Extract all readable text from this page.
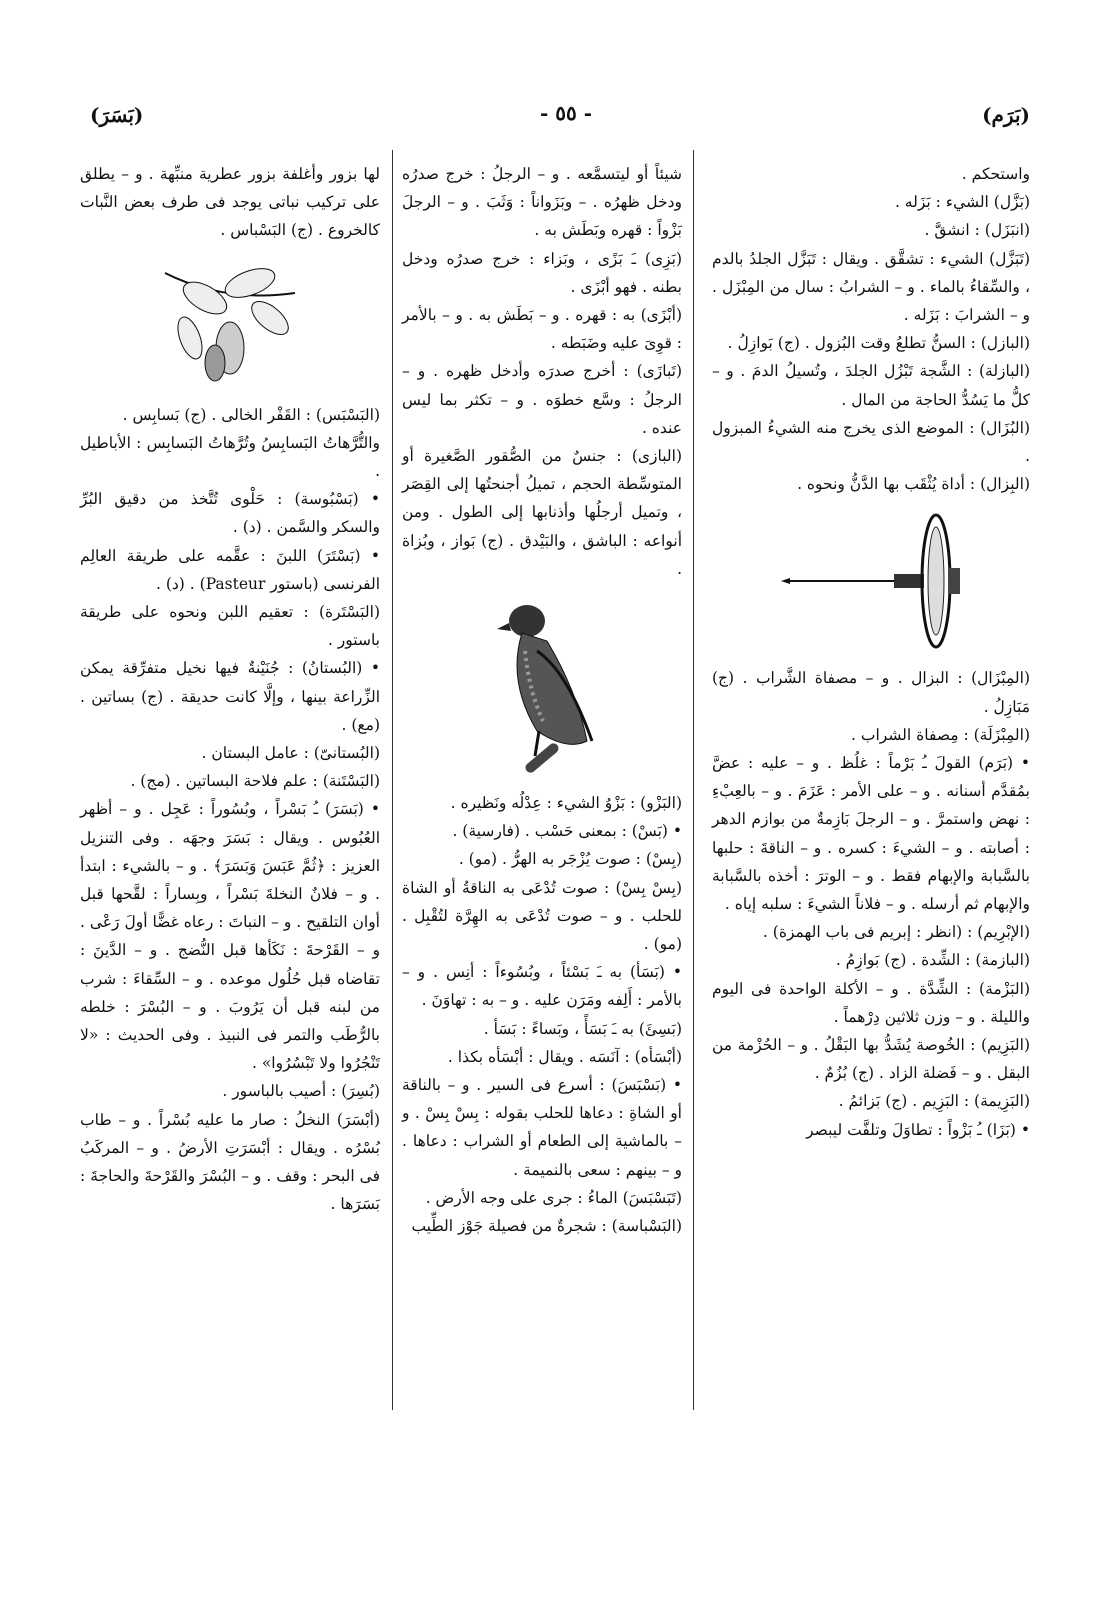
(بَسَرَ)	- ٥٥ -	(بَرَم)

واستحكم .

(بَزَّل) الشيء : بَزَله .

(انبَزَل) : انشقَّ .

(تَبَزَّل) الشيء : تشقَّق . ويقال : تَبَزَّل الجلدُ بالدم ، والسِّقاءُ بالماء . و – الشرابُ : سال من المِبْزَل . و – الشرابَ : بَزَله .

(البازل) : السنُّ تطلعُ وقت البُزول . (ج) بَوازِلُ .

(البازلة) : الشَّجة تَبْزُل الجلدَ ، وتُسيلُ الدمَ . و – كلُّ ما يَسُدُّ الحاجة من المال .

(البُزَال) : الموضع الذى يخرج منه الشيءُ المبزول .

(البِزال) : أداة يُثْقَب بها الدَّنُّ ونحوه .

(المِبْزَال) : البزال . و – مصفاة الشَّراب . (ج) مَبَازِلُ .

(المِبْزَلَة) : مِصفاة الشراب .

• (بَرَم) القولَ ـُ بَرْماً : غلُظ . و – عليه : عضَّ بمُقدَّم أسنانه . و – على الأمر : عَزَمَ . و – بالعِبْءِ : نهض واستمرَّ . و – الرجلَ بَازِمةٌ من بوازم الدهر : أصابته . و – الشيءَ : كسره . و – الناقةَ : حلبها بالسَّبابة والإبهام فقط . و – الوترَ : أخذه بالسَّبابة والإبهام ثم أرسله . و – فلاناً الشيءَ : سلبه إياه .

(الإبْرِيم) : (انظر : إبريم فى باب الهمزة) .

(البازمة) : الشِّدة . (ج) بَوازِمُ .

(البَزْمة) : الشِّدَّة . و – الأكلة الواحدة فى اليوم والليلة . و – وزن ثلاثين دِرْهماً .

(البَزِيم) : الخُوصة يُشَدُّ بها البَقْلُ . و – الحُزْمة من البقل . و – فَضلة الزاد . (ج) بُزُمٌ .

(البَزِيمة) : البَزِيم . (ج) بَزائمُ .

• (بَزَا) ـُ بَزْواً : تطاوَلَ وتلفَّت ليبصر

شيئاً أو ليتسمَّعه . و – الرجلُ : خرج صدرُه ودخل ظهرُه . – وبَزَواناً : وَثَبَ . و – الرجلَ بَزْواً : قهره وبَطَش به .

(بَزِى) ـَ بَزًى ، وبَزاء : خرج صدرُه ودخل بطنه . فهو أبْزَى .

(أبْزَى) به : قهره . و – بَطَش به . و – بالأمر : قوِىَ عليه وضَبَطه .

(تَبازَى) : أخرج صدرَه وأدخل ظهره . و – الرجلُ : وسَّع خطوَه . و – تكثر بما ليس عنده .

(البازى) : جنسٌ من الصُّقور الصَّغيرة أو المتوسِّطة الحجم ، تميلُ أجنحتُها إلى القِصَر ، وتميل أرجلُها وأذنابها إلى الطول . ومن أنواعه : الباشق ، والبَيْدق . (ج) بَواز ، وبُزاة .

(البَزْو) : بَزْوُ الشيء : عِدْلُه ونَظيره .

• (بَسْ) : بمعنى حَسْب . (فارسية) .

(بِسْ) : صوت يُزْجَر به الهرُّ . (مو) .

(بِسْ بِسْ) : صوت تُدْعَى به الناقةُ أو الشاة للحلب . و – صوت تُدْعَى به الهِرَّة لتُقْبِل . (مو) .

• (بَسَأ) به ـَ بَسْئاً ، وبُسُوءاً : أنِس . و – بالأمر : أَلِفه ومَرَن عليه . و – به : تهاوَنَ .

(بَسِئَ) به ـَ بَسَأً ، وبَساءً : بَسَأ .

(أبْسَأه) : آنَسَه . ويقال : أبْسَأه بكذا .

• (بَسْبَسَ) : أسرع فى السير . و – بالناقة أو الشاةِ : دعاها للحلب بقوله : بِسْ بِسْ . و – بالماشية إلى الطعام أو الشراب : دعاها . و – بينهم : سعى بالنميمة .

(تَبَسْبَسَ) الماءُ : جرى على وجه الأرض .

(البَسْباسة) : شجرةٌ من فصيلة جَوْز الطِّيب

لها بزور وأغلفة بزور عطرية منبِّهة . و – يطلق على تركيب نباتى يوجد فى طرف بعض النَّبات كالخروع . (ج) البَسْباس .

(البَسْبَس) : القَفْر الخالى . (ج) بَسابِس .

والتُّرَّهاتُ البَسابِسُ وتُرَّهاتُ البَسابِس : الأباطيل .

• (بَسْبُوسة) : حَلْوى تُتَّخذ من دقيق البُرِّ والسكر والسَّمن . (د) .

• (بَسْتَرَ) اللبنَ : عقَّمه على طريقة العالِم الفرنسى (باستور Pasteur) . (د) .

(البَسْتَرة) : تعقيم اللبن ونحوه على طريقة باستور .

• (البُستانُ) : جُنَيْنةٌ فيها نخيل متفرِّقة يمكن الزِّراعة بينها ، وإلَّا كانت حديقة . (ج) بساتين . (مع) .

(البُستانىّ) : عامل البستان .

(البَسْتَنة) : علم فلاحة البساتين . (مج) .

• (بَسَرَ) ـُ بَسْراً ، وبُسُوراً : عَجِل . و – أظهر العُبُوس . ويقال : بَسَرَ وجهَه . وفى التنزيل العزيز : ﴿ثُمَّ عَبَسَ وَبَسَرَ﴾ . و – بالشيء : ابتدأ . و – فلانٌ النخلةَ بَسْراً ، وبِساراً : لقَّحها قبل أوان التلقيح . و – النباتَ : رعاه غضًّا أولَ رَعْى . و – القَرْحةَ : نَكَأها قبل النُّضج . و – الدَّينَ : تقاضاه قبل حُلُول موعده . و – السِّقاءَ : شرب من لبنه قبل أن يَرُوبَ . و – البُسْرَ : خلطه بالرُّطَب والتمر فى النبيذ . وفى الحديث : «لا تَنْجُرُوا ولا تَبْسُرُوا» .

(بُسِرَ) : أصيب بالباسور .

(أبْسَرَ) النخلُ : صار ما عليه بُسْراً . و – طاب بُسْرُه . ويقال : أبْسَرَتِ الأرضُ . و – المركَبُ فى البحر : وقف . و – البُسْرَ والقَرْحةَ والحاجةَ : بَسَرَها .
